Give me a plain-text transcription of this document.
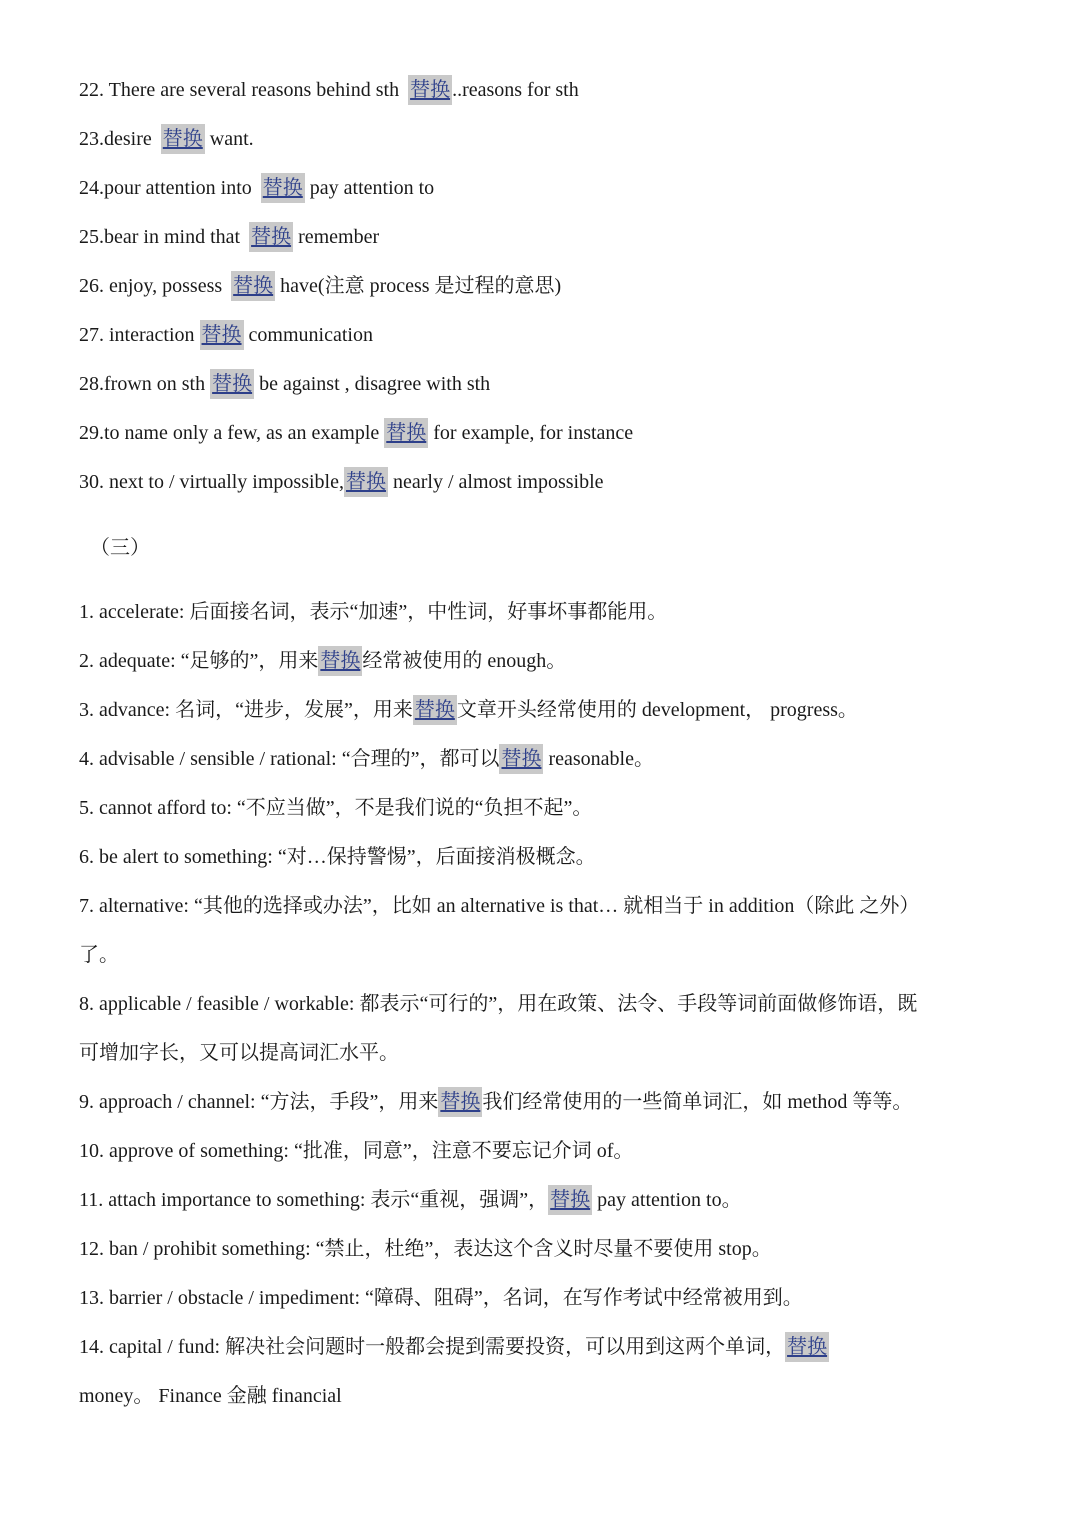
22. There are several reasons behind sth 替换 ..reasons for sth
23.desire 替换 want.
24.pour attention into 替换 pay attention to
25.bear in mind that 替换 remember
26. enjoy, possess 替换 have(注意 process 是过程的意思)
27. interaction 替换 communication
28.frown on sth 替换 be against , disagree with sth
29.to name only a few, as an example 替换 for example, for instance
30. next to / virtually impossible, 替换 nearly / almost impossible
（三）
1. accelerate: 后面接名词，表示“加速”，中性词，好事坏事都能用。
2. adequate: “足够的”，用来 替换 经常被使用的 enough。
3. advance: 名词，“进步，发展”，用来 替换 文章开头经常使用的 development， progress。
4. advisable / sensible / rational: “合理的”，都可以 替换 reasonable。
5. cannot afford to: “不应当做”，不是我们说的“负担不起”。
6. be alert to something: “对…保持警惕”，后面接消极概念。
7. alternative: “其他的选择或办法”，比如 an alternative is that… 就相当于 in addition（除此 之外）
了。
8. applicable / feasible / workable: 都表示“可行的”，用在政策、法令、手段等词前面做修饰语，既
可增加字长，又可以提高词汇水平。
9. approach / channel: “方法，手段”，用来 替换 我们经常使用的一些简单词汇，如 method 等等。
10. approve of something: “批准，同意”，注意不要忘记介词 of。
11. attach importance to something: 表示“重视，强调”， 替换 pay attention to。
12. ban / prohibit something: “禁止，杜绝”，表达这个含义时尽量不要使用 stop。
13. barrier / obstacle / impediment: “障碍、阻碍”，名词，在写作考试中经常被用到。
14. capital / fund: 解决社会问题时一般都会提到需要投资，可以用到这两个单词， 替换
money。 Finance 金融 financial
